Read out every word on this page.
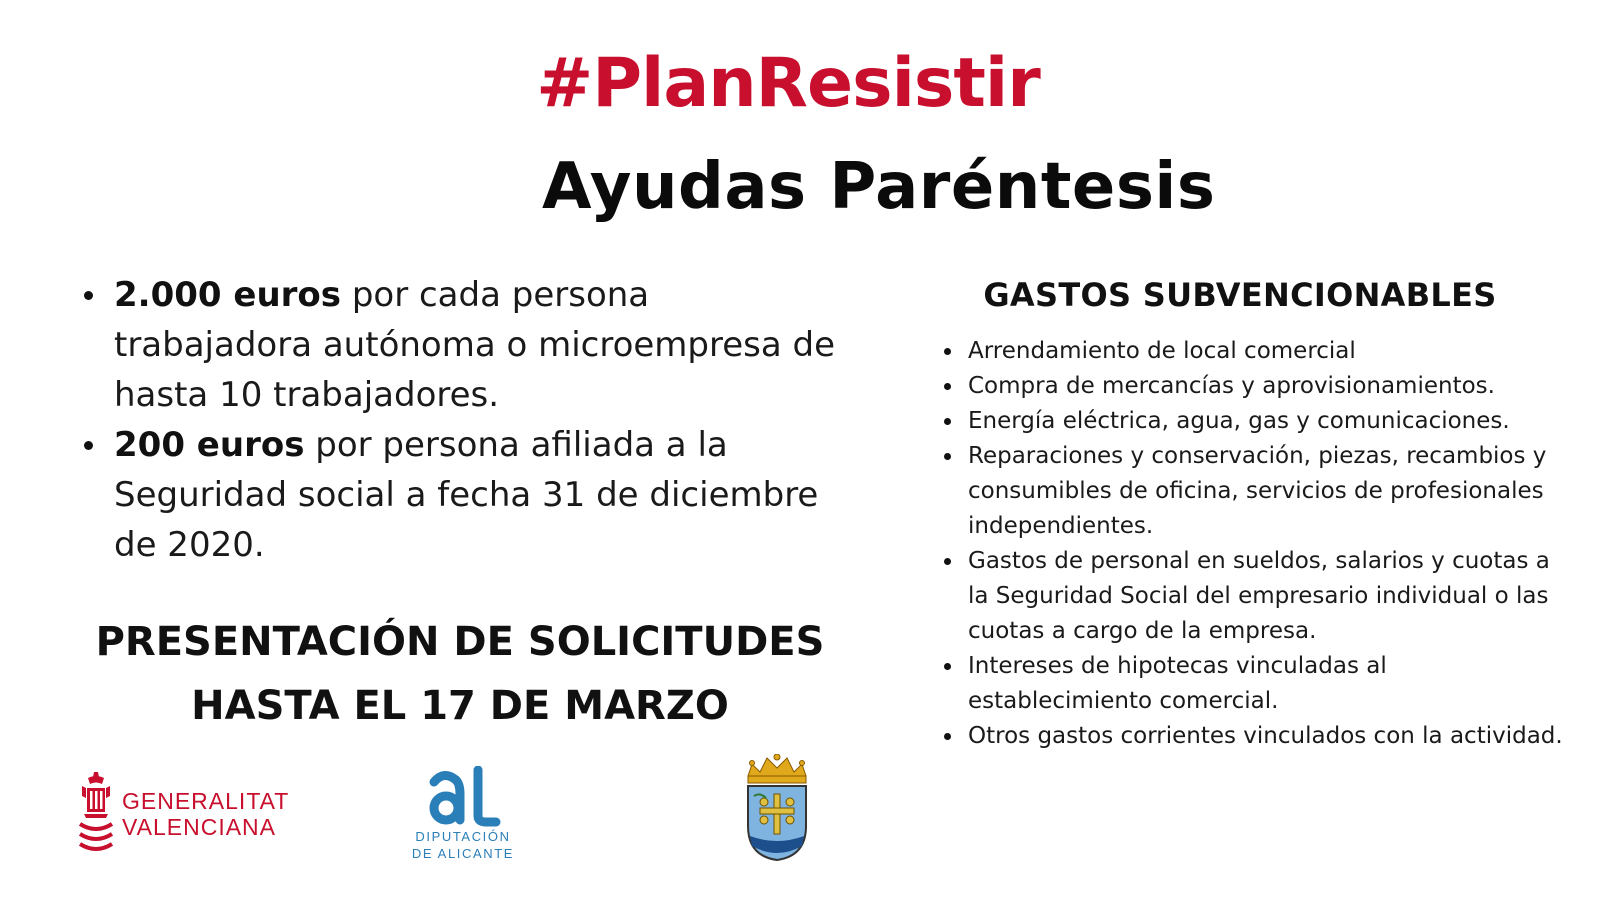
#PlanResistir
Ayudas Paréntesis
2.000 euros por cada persona trabajadora autónoma o microempresa de hasta 10 trabajadores.
200 euros por persona afiliada a la Seguridad social a fecha 31 de diciembre de 2020.
PRESENTACIÓN DE SOLICITUDES
HASTA EL 17 DE MARZO
GASTOS SUBVENCIONABLES
Arrendamiento de local comercial
Compra de mercancías y aprovisionamientos.
Energía eléctrica, agua, gas y comunicaciones.
Reparaciones y conservación, piezas, recambios y consumibles de oficina, servicios de profesionales independientes.
Gastos de personal en sueldos, salarios y cuotas a la Seguridad Social del empresario individual o las cuotas a cargo de la empresa.
Intereses de hipotecas vinculadas al establecimiento comercial.
Otros gastos corrientes vinculados con la actividad.
GENERALITAT
VALENCIANA	DIPUTACIÓN
DE ALICANTE
